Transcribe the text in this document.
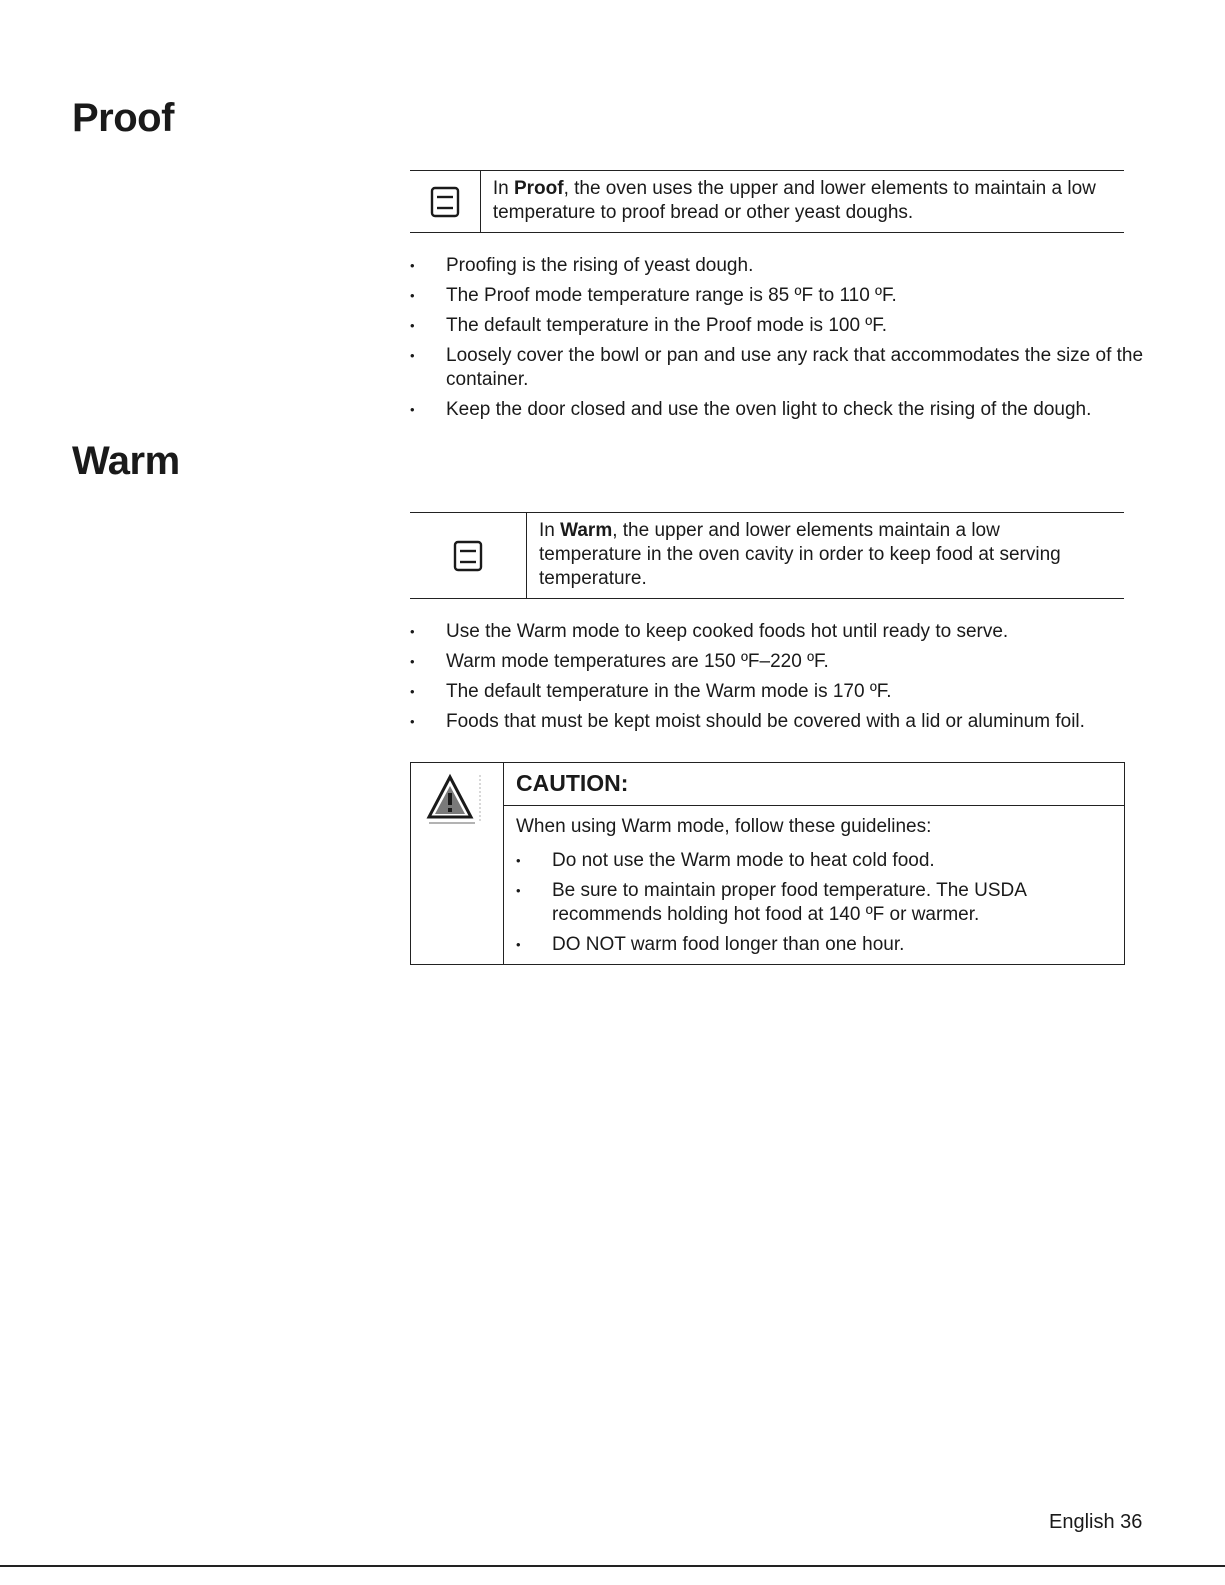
Proof
In Proof, the oven uses the upper and lower elements to maintain a low temperature to proof bread or other yeast doughs.
• Proofing is the rising of yeast dough.
• The Proof mode temperature range is 85 ºF to 110 ºF.
• The default temperature in the Proof mode is 100 ºF.
• Loosely cover the bowl or pan and use any rack that accommodates the size of the container.
• Keep the door closed and use the oven light to check the rising of the dough.
Warm
In Warm, the upper and lower elements maintain a low temperature in the oven cavity in order to keep food at serving temperature.
• Use the Warm mode to keep cooked foods hot until ready to serve.
• Warm mode temperatures are 150 ºF–220 ºF.
• The default temperature in the Warm mode is 170 ºF.
• Foods that must be kept moist should be covered with a lid or aluminum foil.
CAUTION:
When using Warm mode, follow these guidelines:
• Do not use the Warm mode to heat cold food.
• Be sure to maintain proper food temperature. The USDA recommends holding hot food at 140 ºF or warmer.
• DO NOT warm food longer than one hour.
English 36
